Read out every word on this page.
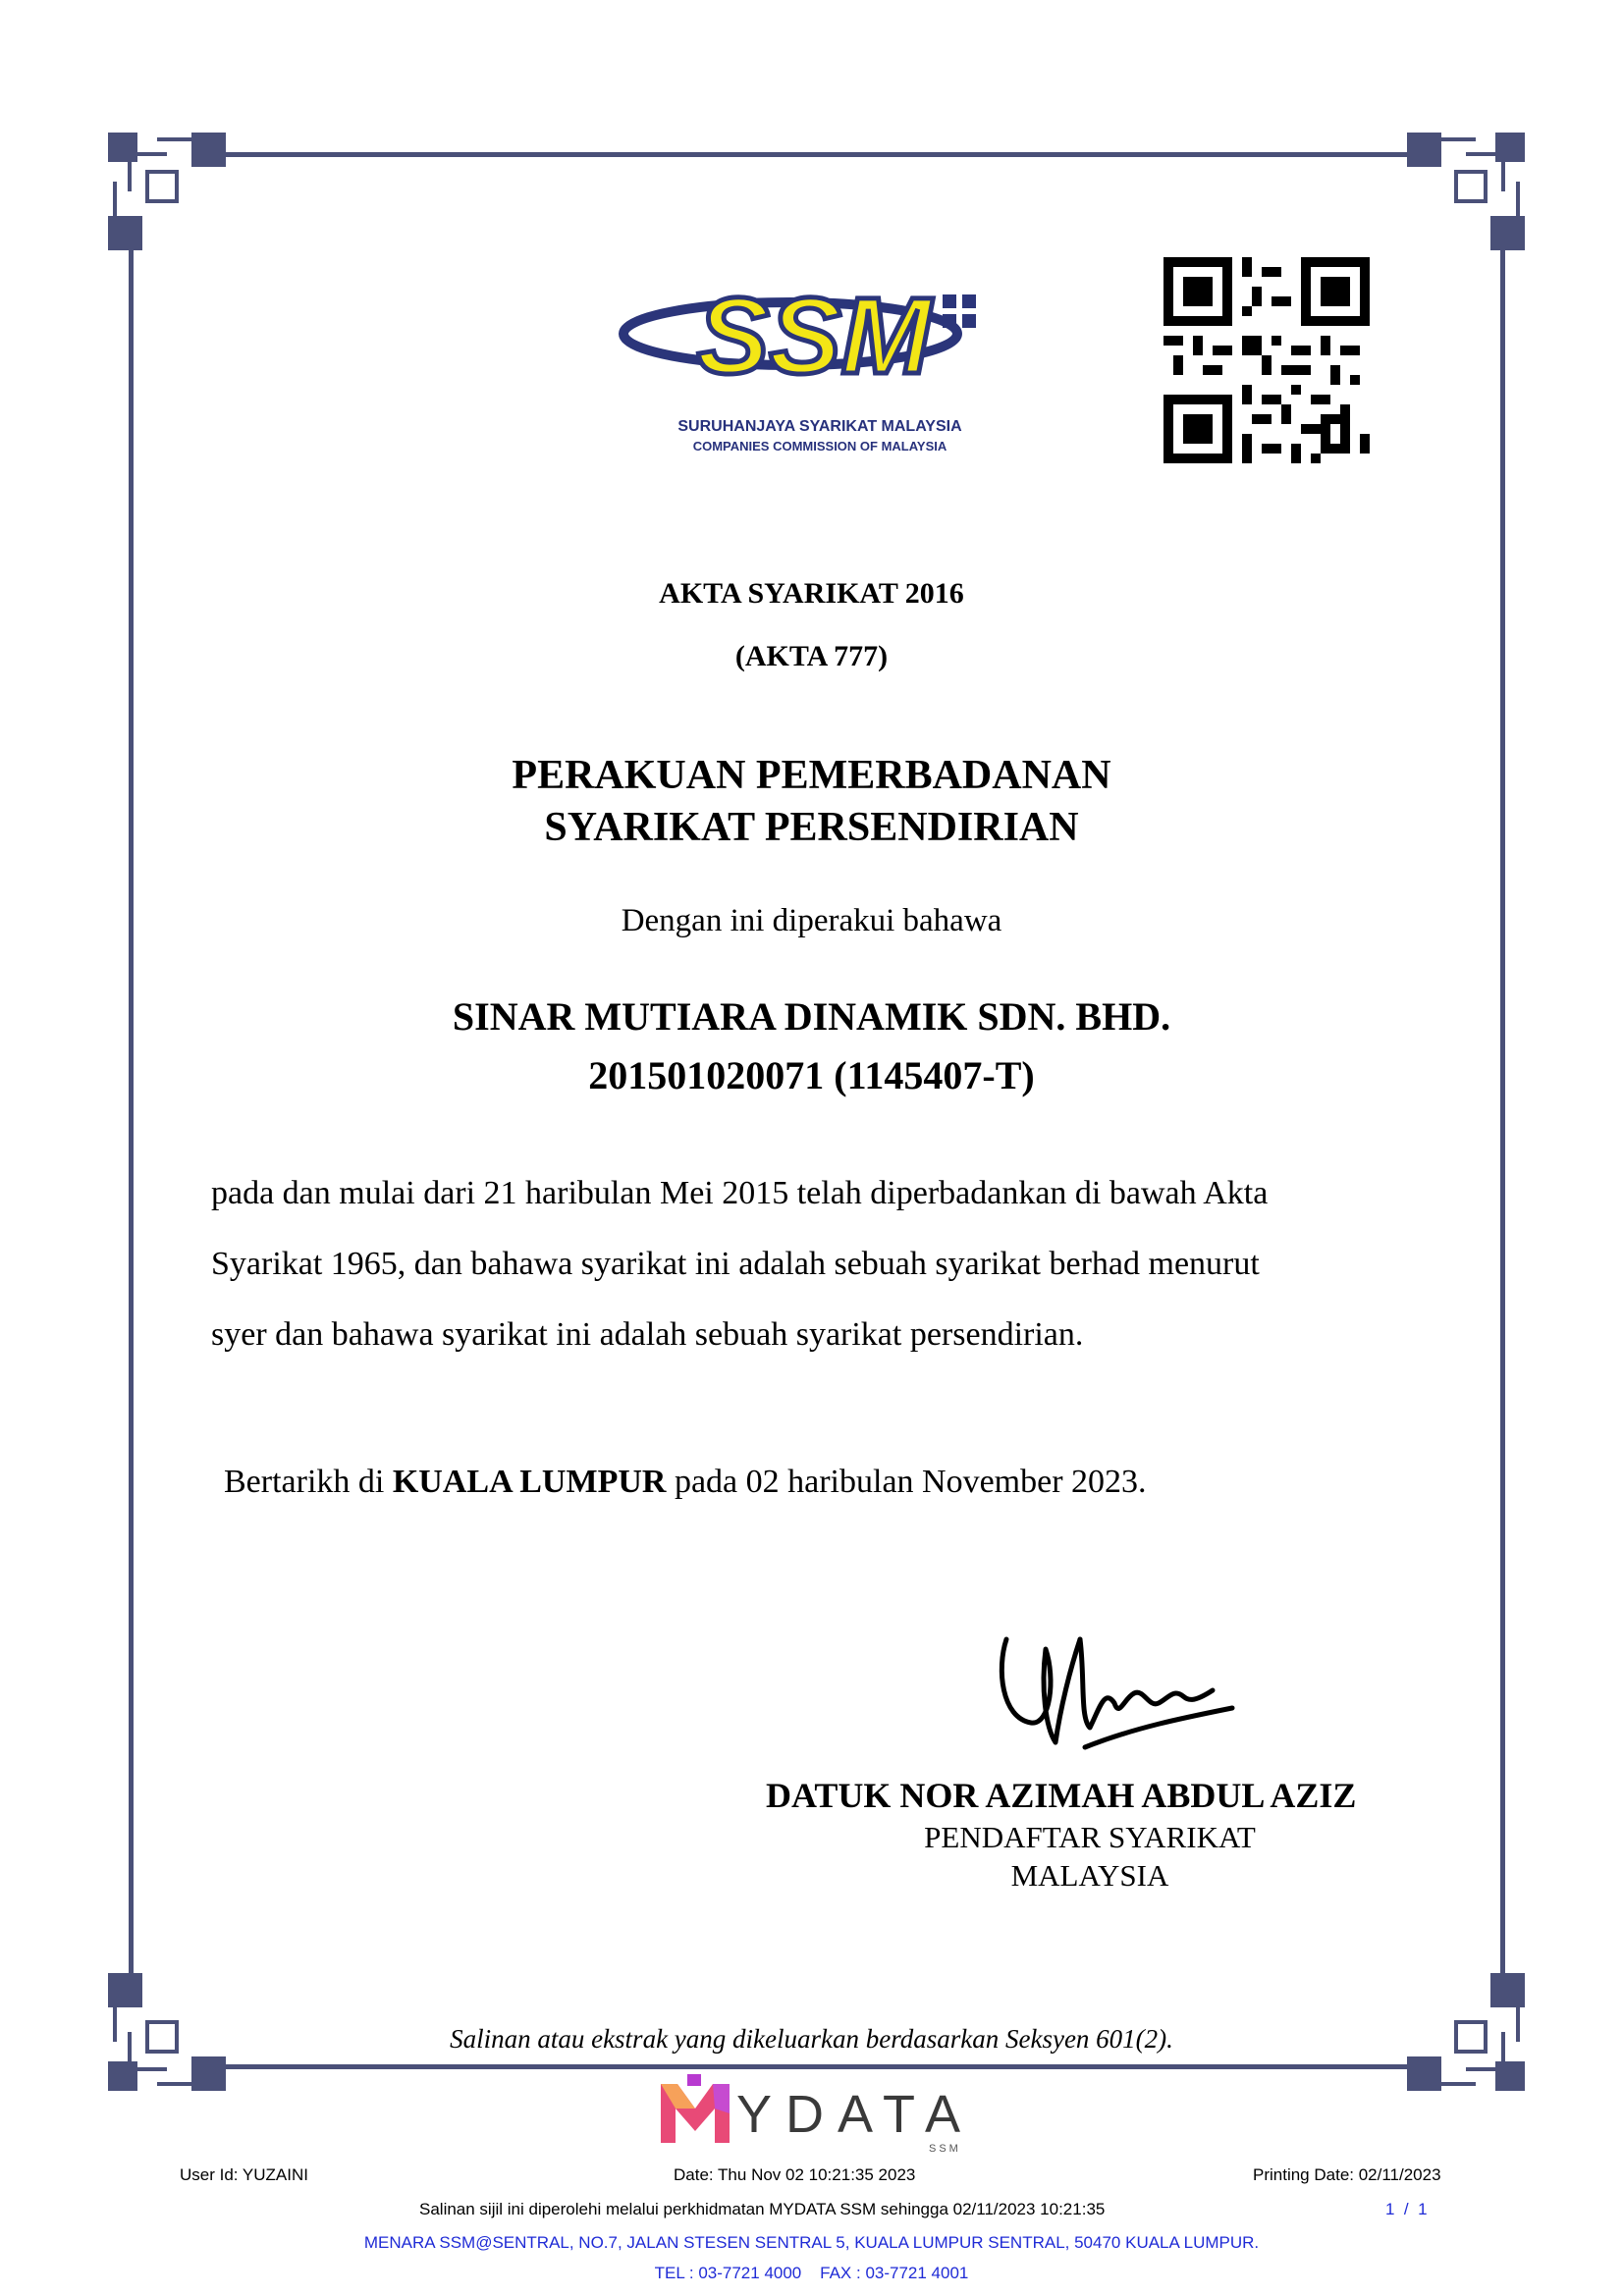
SSM
SURUHANJAYA SYARIKAT MALAYSIA
COMPANIES COMMISSION OF MALAYSIA
AKTA SYARIKAT 2016
(AKTA 777)
PERAKUAN PEMERBADANAN
SYARIKAT PERSENDIRIAN
Dengan ini diperakui bahawa
SINAR MUTIARA DINAMIK SDN. BHD.
201501020071 (1145407-T)
pada dan mulai dari 21 haribulan Mei 2015 telah diperbadankan di bawah Akta
Syarikat 1965, dan bahawa syarikat ini adalah sebuah syarikat berhad menurut
syer dan bahawa syarikat ini adalah sebuah syarikat persendirian.
Bertarikh di KUALA LUMPUR pada 02 haribulan November 2023.
DATUK NOR AZIMAH ABDUL AZIZ
PENDAFTAR SYARIKAT
MALAYSIA
Salinan atau ekstrak yang dikeluarkan berdasarkan Seksyen 601(2).
YDATA
SSM
User Id: YUZAINI	Date: Thu Nov 02 10:21:35 2023	Printing Date: 02/11/2023
Salinan sijil ini diperolehi melalui perkhidmatan MYDATA SSM sehingga 02/11/2023 10:21:35	1  /  1
MENARA SSM@SENTRAL, NO.7, JALAN STESEN SENTRAL 5, KUALA LUMPUR SENTRAL, 50470 KUALA LUMPUR.
TEL : 03-7721 4000    FAX : 03-7721 4001
